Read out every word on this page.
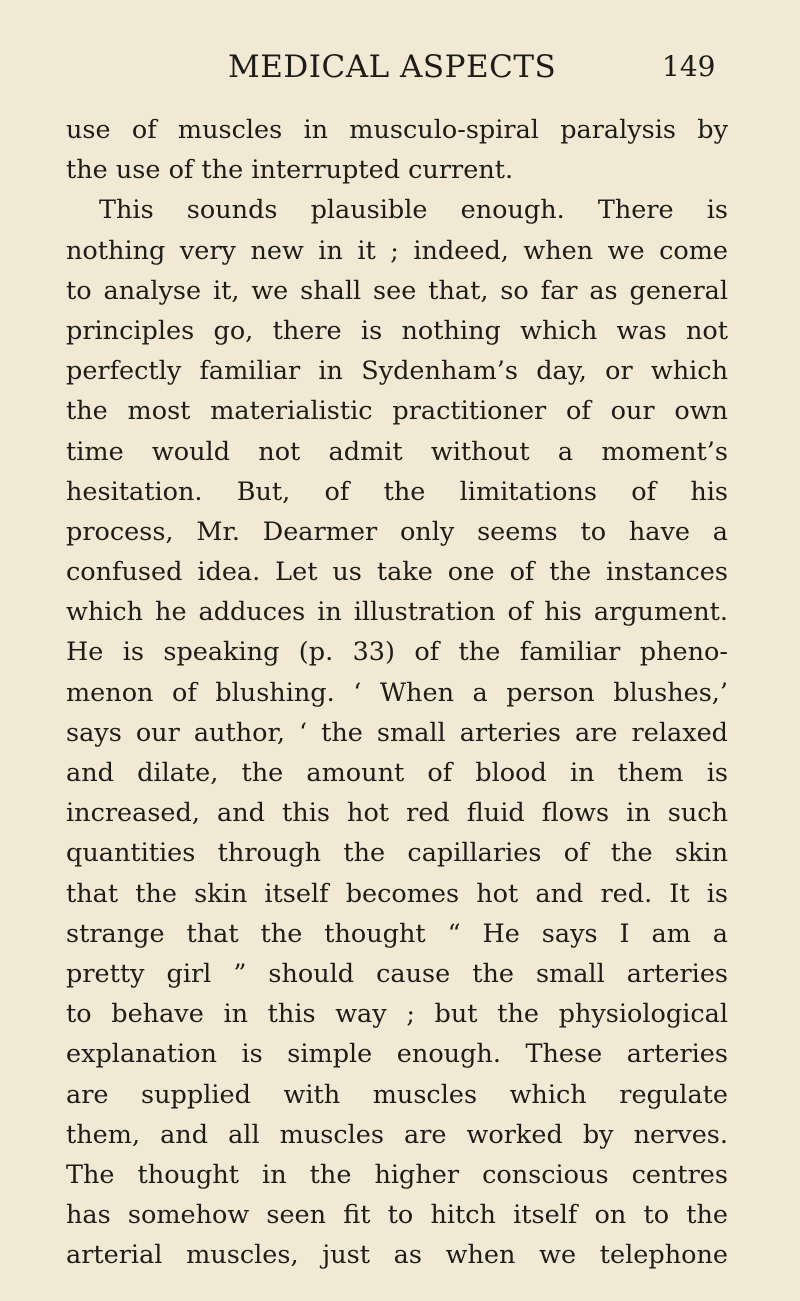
MEDICAL ASPECTS	149
use of muscles in musculo-spiral paralysis by
the use of the interrupted current.
This sounds plausible enough. There is
nothing very new in it ; indeed, when we come
to analyse it, we shall see that, so far as general
principles go, there is nothing which was not
perfectly familiar in Sydenham’s day, or which
the most materialistic practitioner of our own
time would not admit without a moment’s
hesitation. But, of the limitations of his
process, Mr. Dearmer only seems to have a
confused idea. Let us take one of the instances
which he adduces in illustration of his argument.
He is speaking (p. 33) of the familiar pheno-
menon of blushing. ‘ When a person blushes,’
says our author, ‘ the small arteries are relaxed
and dilate, the amount of blood in them is
increased, and this hot red fluid flows in such
quantities through the capillaries of the skin
that the skin itself becomes hot and red. It is
strange that the thought “ He says I am a
pretty girl ” should cause the small arteries
to behave in this way ; but the physiological
explanation is simple enough. These arteries
are supplied with muscles which regulate
them, and all muscles are worked by nerves.
The thought in the higher conscious centres
has somehow seen fit to hitch itself on to the
arterial muscles, just as when we telephone
